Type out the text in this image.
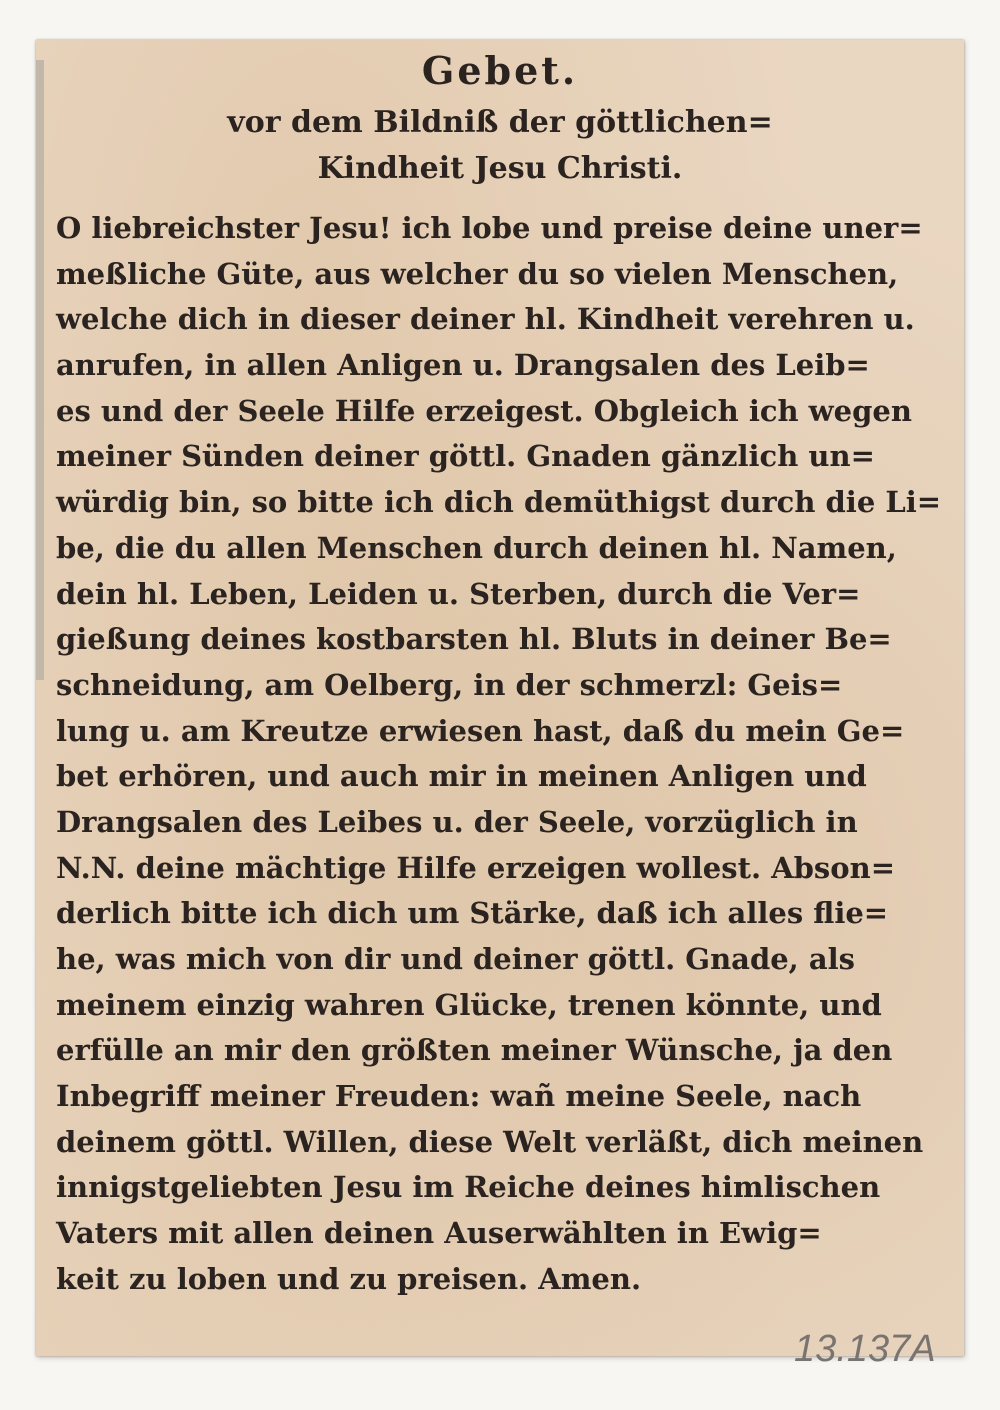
Gebet.
vor dem Bildniß der göttlichen=
Kindheit Jesu Christi.
O liebreichster Jesu! ich lobe und preise deine uner=
meßliche Güte, aus welcher du so vielen Menschen,
welche dich in dieser deiner hl. Kindheit verehren u.
anrufen, in allen Anligen u. Drangsalen des Leib=
es und der Seele Hilfe erzeigest. Obgleich ich wegen
meiner Sünden deiner göttl. Gnaden gänzlich un=
würdig bin, so bitte ich dich demüthigst durch die Li=
be, die du allen Menschen durch deinen hl. Namen,
dein hl. Leben, Leiden u. Sterben, durch die Ver=
gießung deines kostbarsten hl. Bluts in deiner Be=
schneidung, am Oelberg, in der schmerzl: Geis=
lung u. am Kreutze erwiesen hast, daß du mein Ge=
bet erhören, und auch mir in meinen Anligen und
Drangsalen des Leibes u. der Seele, vorzüglich in
N.N. deine mächtige Hilfe erzeigen wollest. Abson=
derlich bitte ich dich um Stärke, daß ich alles flie=
he, was mich von dir und deiner göttl. Gnade, als
meinem einzig wahren Glücke, trenen könnte, und
erfülle an mir den größten meiner Wünsche, ja den
Inbegriff meiner Freuden: wañ meine Seele, nach
deinem göttl. Willen, diese Welt verläßt, dich meinen
innigstgeliebten Jesu im Reiche deines himlischen
Vaters mit allen deinen Auserwählten in Ewig=
keit zu loben und zu preisen. Amen.
13.137A
